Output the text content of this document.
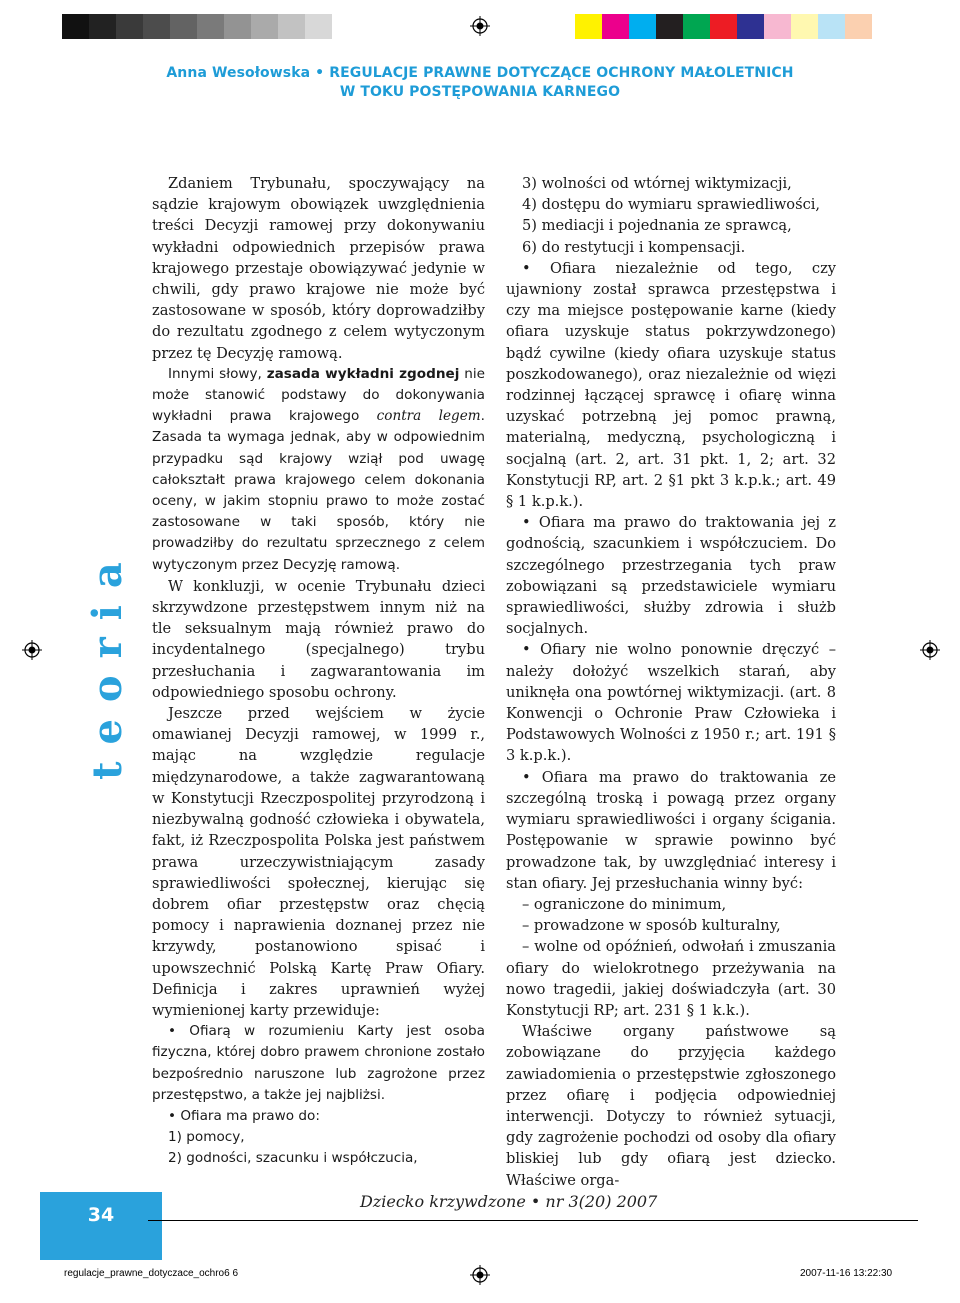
Anna Wesołowska • REGULACJE PRAWNE DOTYCZĄCE OCHRONY MAŁOLETNICH
W TOKU POSTĘPOWANIA KARNEGO
teoria

Zdaniem Trybunału, spoczywający na sądzie krajowym obowiązek uwzględnienia treści Decyzji ramowej przy dokonywaniu wykładni odpowiednich przepisów prawa krajowego przestaje obowiązywać jedynie w chwili, gdy prawo krajowe nie może być zastosowane w sposób, który doprowadziłby do rezultatu zgodnego z celem wytyczonym przez tę Decyzję ramową.

Innymi słowy, zasada wykładni zgodnej nie może stanowić podstawy do dokonywania wykładni prawa krajowego contra legem. Zasada ta wymaga jednak, aby w odpowiednim przypadku sąd krajowy wziął pod uwagę całokształt prawa krajowego celem dokonania oceny, w jakim stopniu prawo to może zostać zastosowane w taki sposób, który nie prowadziłby do rezultatu sprzecznego z celem wytyczonym przez Decyzję ramową.

W konkluzji, w ocenie Trybunału dzieci skrzywdzone przestępstwem innym niż na tle seksualnym mają również prawo do incydentalnego (specjalnego) trybu przesłuchania i zagwarantowania im odpowiedniego sposobu ochrony.

Jeszcze przed wejściem w życie omawianej Decyzji ramowej, w 1999 r., mając na względzie regulacje międzynarodowe, a także zagwarantowaną w Konstytucji Rzeczpospolitej przyrodzoną i niezbywalną godność człowieka i obywatela, fakt, iż Rzeczpospolita Polska jest państwem prawa urzeczywistniającym zasady sprawiedliwości społecznej, kierując się dobrem ofiar przestępstw oraz chęcią pomocy i naprawienia doznanej przez nie krzywdy, postanowiono spisać i upowszechnić Polską Kartę Praw Ofiary. Definicja i zakres uprawnień wyżej wymienionej karty przewiduje:

• Ofiarą w rozumieniu Karty jest osoba fizyczna, której dobro prawem chronione zostało bezpośrednio naruszone lub zagrożone przez przestępstwo, a także jej najbliżsi.

• Ofiara ma prawo do:

1) pomocy,

2) godności, szacunku i współczucia,

3) wolności od wtórnej wiktymizacji,

4) dostępu do wymiaru sprawiedliwości,

5) mediacji i pojednania ze sprawcą,

6) do restytucji i kompensacji.

• Ofiara niezależnie od tego, czy ujawniony został sprawca przestępstwa i czy ma miejsce postępowanie karne (kiedy ofiara uzyskuje status pokrzywdzonego) bądź cywilne (kiedy ofiara uzyskuje status poszkodowanego), oraz niezależnie od więzi rodzinnej łączącej sprawcę i ofiarę winna uzyskać potrzebną jej pomoc prawną, materialną, medyczną, psychologiczną i socjalną (art. 2, art. 31 pkt. 1, 2; art. 32 Konstytucji RP, art. 2 §1 pkt 3 k.p.k.; art. 49 § 1 k.p.k.).

• Ofiara ma prawo do traktowania jej z godnością, szacunkiem i współczuciem. Do szczególnego przestrzegania tych praw zobowiązani są przedstawiciele wymiaru sprawiedliwości, służby zdrowia i służb socjalnych.

• Ofiary nie wolno ponownie dręczyć – należy dołożyć wszelkich starań, aby uniknęła ona powtórnej wiktymizacji. (art. 8 Konwencji o Ochronie Praw Człowieka i Podstawowych Wolności z 1950 r.; art. 191 § 3 k.p.k.).

• Ofiara ma prawo do traktowania ze szczególną troską i powagą przez organy wymiaru sprawiedliwości i organy ścigania. Postępowanie w sprawie powinno być prowadzone tak, by uwzględniać interesy i stan ofiary. Jej przesłuchania winny być:

– ograniczone do minimum,

– prowadzone w sposób kulturalny,

– wolne od opóźnień, odwołań i zmuszania ofiary do wielokrotnego przeżywania na nowo tragedii, jakiej doświadczyła (art. 30 Konstytucji RP; art. 231 § 1 k.k.).

Właściwe organy państwowe są zobowiązane do przyjęcia każdego zawiadomienia o przestępstwie zgłoszonego przez ofiarę i podjęcia odpowiedniej interwencji. Dotyczy to również sytuacji, gdy zagrożenie pochodzi od osoby dla ofiary bliskiej lub gdy ofiarą jest dziecko. Właściwe orga-

34
Dziecko krzywdzone • nr 3(20) 2007
regulacje_prawne_dotyczace_ochro6 6	2007-11-16 13:22:30
